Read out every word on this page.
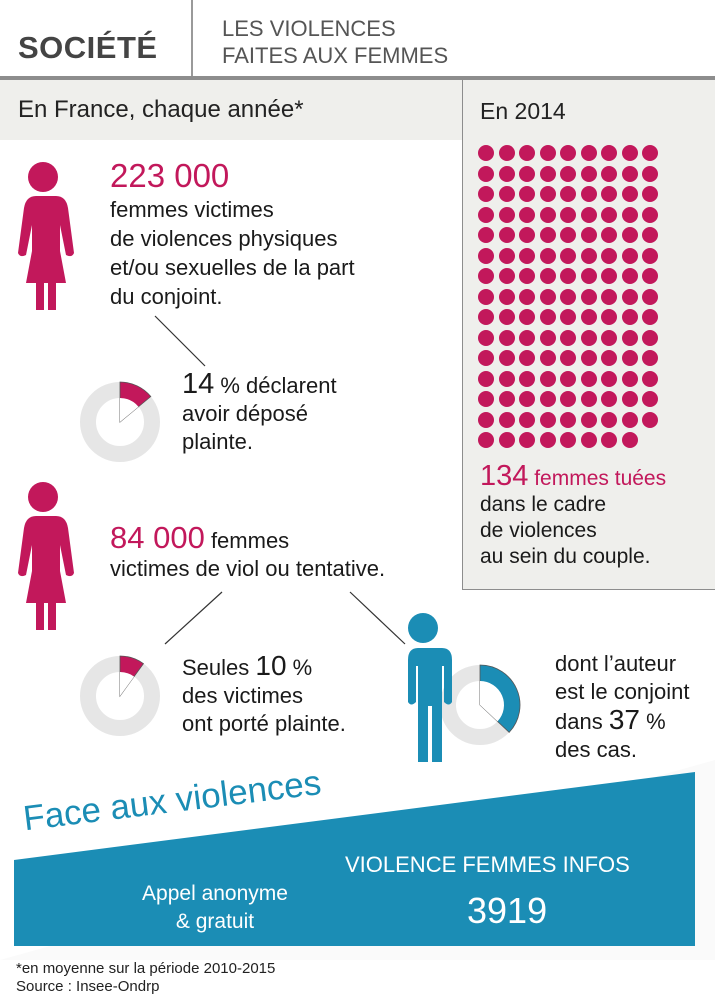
SOCIÉTÉ
LES VIOLENCES
FAITES AUX FEMMES
En France, chaque année*	En 2014
134 femmes tuées
dans le cadre
de violences
au sein du couple.
223 000
femmes victimes
de violences physiques
et/ou sexuelles de la part
du conjoint.
14 % déclarent
avoir déposé
plainte.
84 000 femmes
victimes de viol ou tentative.
Seules 10 %
des victimes
ont porté plainte.
dont l’auteur
est le conjoint
dans 37 %
des cas.
Face aux violences
Appel anonyme
& gratuit
VIOLENCE FEMMES INFOS
3919
*en moyenne sur la période 2010-2015
Source : Insee-Ondrp
